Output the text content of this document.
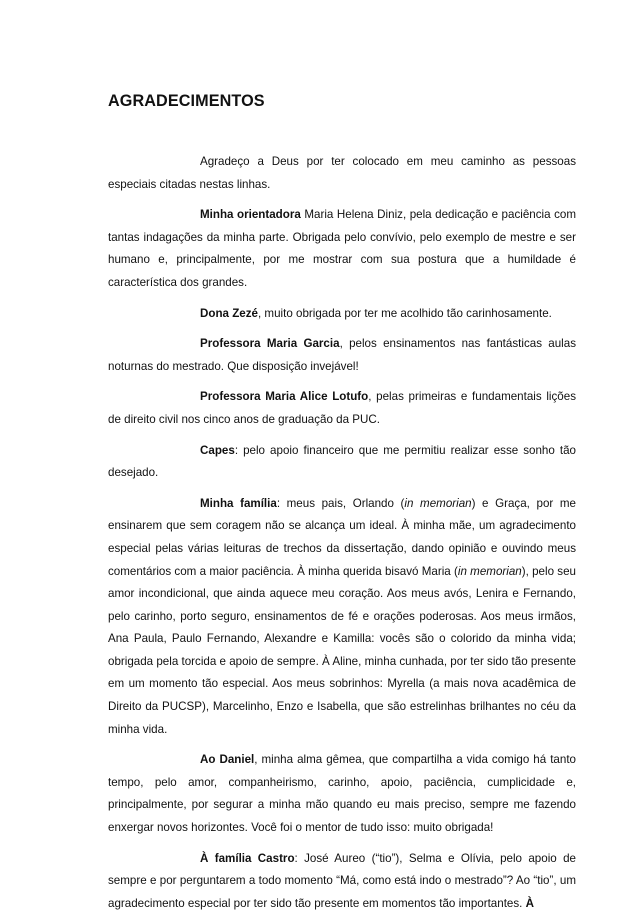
AGRADECIMENTOS

Agradeço a Deus por ter colocado em meu caminho as pessoas especiais citadas nestas linhas.

Minha orientadora Maria Helena Diniz, pela dedicação e paciência com tantas indagações da minha parte. Obrigada pelo convívio, pelo exemplo de mestre e ser humano e, principalmente, por me mostrar com sua postura que a humildade é característica dos grandes.

Dona Zezé, muito obrigada por ter me acolhido tão carinhosamente.

Professora Maria Garcia, pelos ensinamentos nas fantásticas aulas noturnas do mestrado. Que disposição invejável!

Professora Maria Alice Lotufo, pelas primeiras e fundamentais lições de direito civil nos cinco anos de graduação da PUC.

Capes: pelo apoio financeiro que me permitiu realizar esse sonho tão desejado.

Minha família: meus pais, Orlando (in memorian) e Graça, por me ensinarem que sem coragem não se alcança um ideal. À minha mãe, um agradecimento especial pelas várias leituras de trechos da dissertação, dando opinião e ouvindo meus comentários com a maior paciência. À minha querida bisavó Maria (in memorian), pelo seu amor incondicional, que ainda aquece meu coração. Aos meus avós, Lenira e Fernando, pelo carinho, porto seguro, ensinamentos de fé e orações poderosas. Aos meus irmãos, Ana Paula, Paulo Fernando, Alexandre e Kamilla: vocês são o colorido da minha vida; obrigada pela torcida e apoio de sempre. À Aline, minha cunhada, por ter sido tão presente em um momento tão especial. Aos meus sobrinhos: Myrella (a mais nova acadêmica de Direito da PUCSP), Marcelinho, Enzo e Isabella, que são estrelinhas brilhantes no céu da minha vida.

Ao Daniel, minha alma gêmea, que compartilha a vida comigo há tanto tempo, pelo amor, companheirismo, carinho, apoio, paciência, cumplicidade e, principalmente, por segurar a minha mão quando eu mais preciso, sempre me fazendo enxergar novos horizontes. Você foi o mentor de tudo isso: muito obrigada!

À família Castro: José Aureo (“tio”), Selma e Olívia, pelo apoio de sempre e por perguntarem a todo momento “Má, como está indo o mestrado”? Ao “tio”, um agradecimento especial por ter sido tão presente em momentos tão importantes. À
